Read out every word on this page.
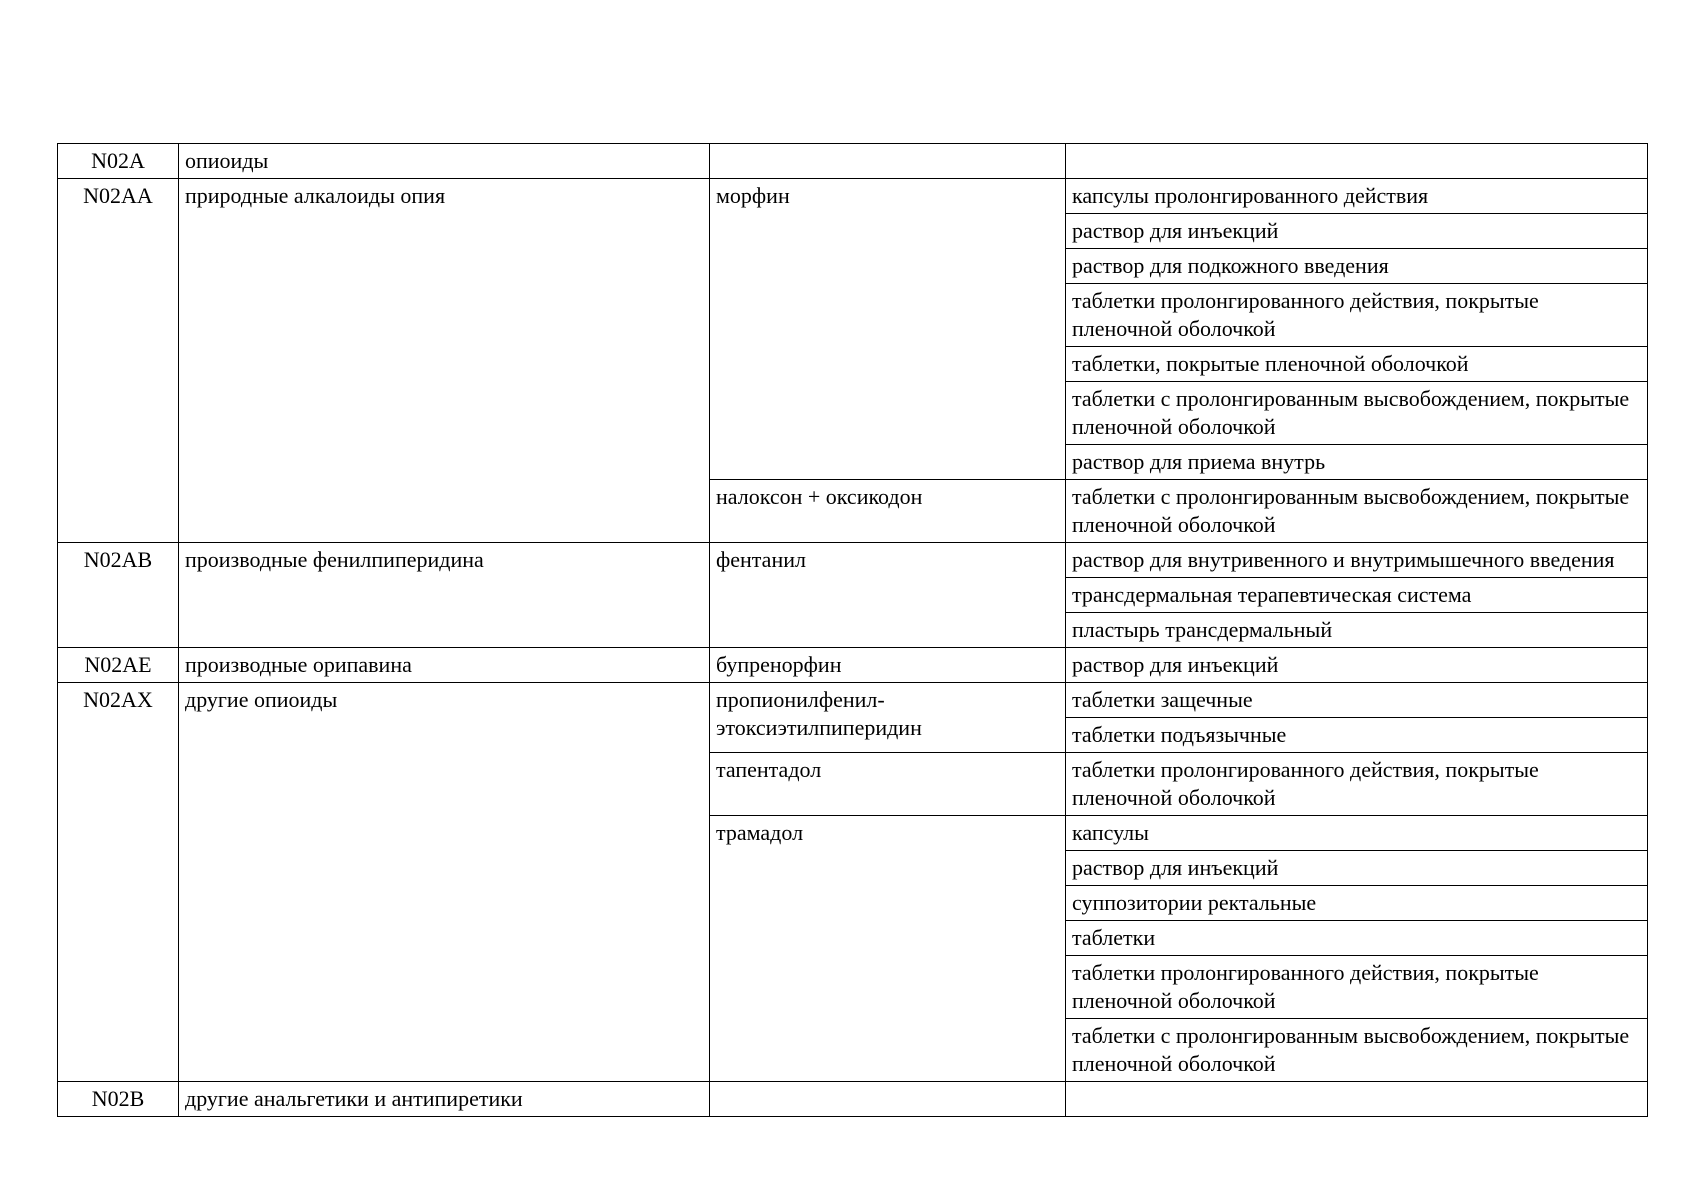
N02A	опиоиды		
N02AA	природные алкалоиды опия	морфин	капсулы пролонгированного действия
			раствор для инъекций
			раствор для подкожного введения
			таблетки пролонгированного действия, покрытые пленочной оболочкой
			таблетки, покрытые пленочной оболочкой
			таблетки с пролонгированным высвобождением, покрытые пленочной оболочкой
			раствор для приема внутрь
		налоксон + оксикодон	таблетки с пролонгированным высвобождением, покрытые пленочной оболочкой
N02AB	производные фенилпиперидина	фентанил	раствор для внутривенного и внутримышечного введения
			трансдермальная терапевтическая система
			пластырь трансдермальный
N02AE	производные орипавина	бупренорфин	раствор для инъекций
N02AX	другие опиоиды	пропионилфенил-этоксиэтилпиперидин	таблетки защечные
			таблетки подъязычные
		тапентадол	таблетки пролонгированного действия, покрытые пленочной оболочкой
		трамадол	капсулы
			раствор для инъекций
			суппозитории ректальные
			таблетки
			таблетки пролонгированного действия, покрытые пленочной оболочкой
			таблетки с пролонгированным высвобождением, покрытые пленочной оболочкой
N02B	другие анальгетики и антипиретики		
